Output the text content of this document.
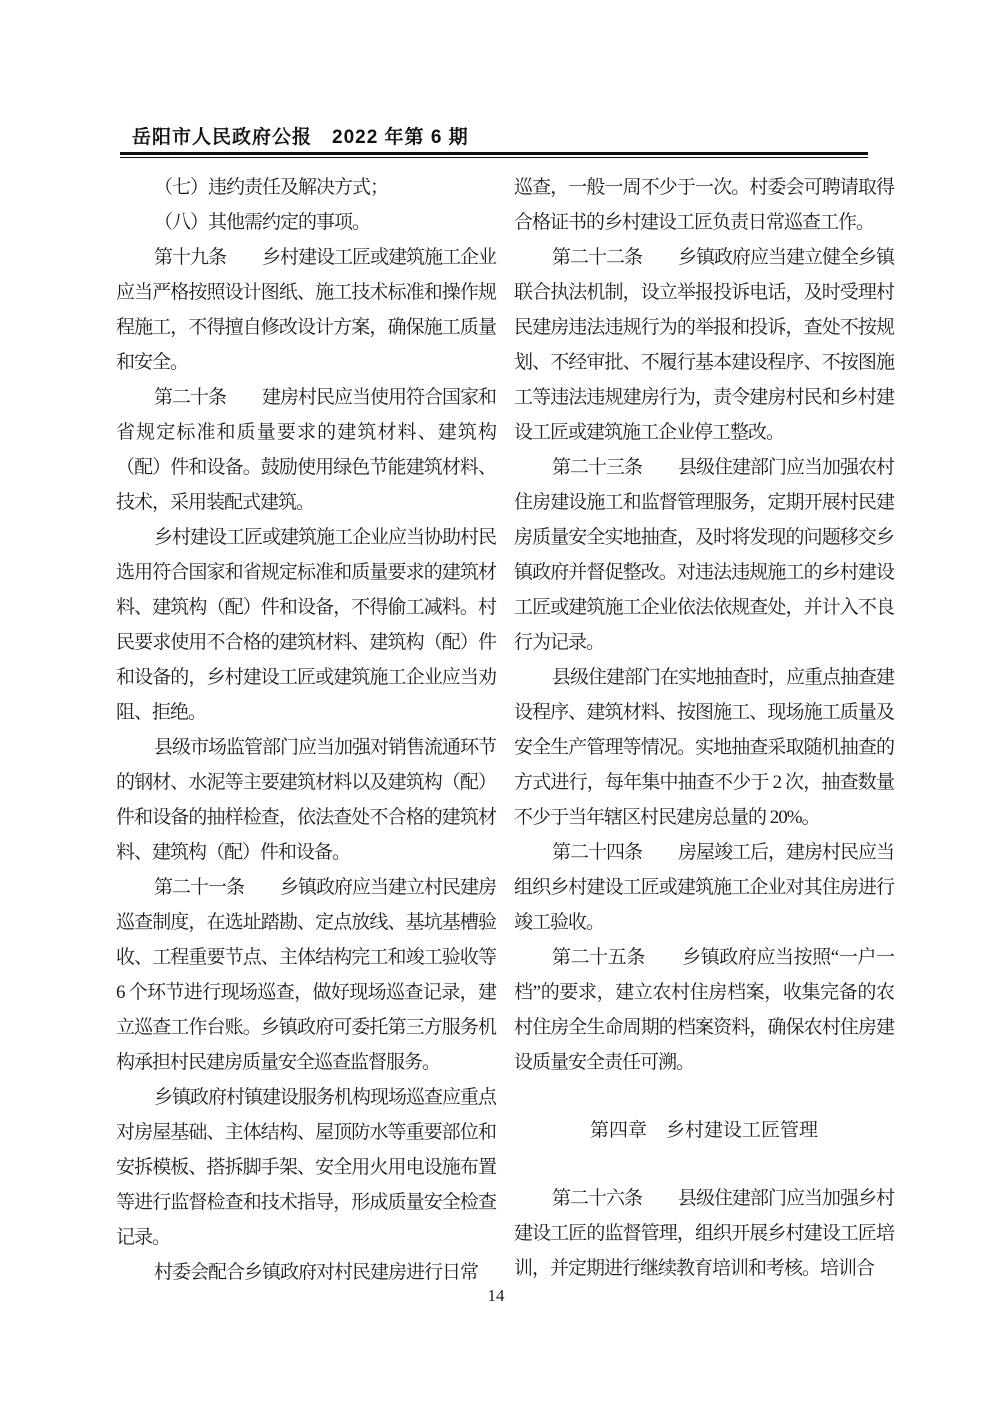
岳阳市人民政府公报　2022 年第 6 期

（七）违约责任及解决方式；

（八）其他需约定的事项。

第十九条　　乡村建设工匠或建筑施工企业应当严格按照设计图纸、施工技术标准和操作规程施工，不得擅自修改设计方案，确保施工质量和安全。

第二十条　　建房村民应当使用符合国家和省规定标准和质量要求的建筑材料、建筑构（配）件和设备。鼓励使用绿色节能建筑材料、技术，采用装配式建筑。

乡村建设工匠或建筑施工企业应当协助村民选用符合国家和省规定标准和质量要求的建筑材料、建筑构（配）件和设备，不得偷工减料。村民要求使用不合格的建筑材料、建筑构（配）件和设备的，乡村建设工匠或建筑施工企业应当劝阻、拒绝。

县级市场监管部门应当加强对销售流通环节的钢材、水泥等主要建筑材料以及建筑构（配）件和设备的抽样检查，依法查处不合格的建筑材料、建筑构（配）件和设备。

第二十一条　　乡镇政府应当建立村民建房巡查制度，在选址踏勘、定点放线、基坑基槽验收、工程重要节点、主体结构完工和竣工验收等 6 个环节进行现场巡查，做好现场巡查记录，建立巡查工作台账。乡镇政府可委托第三方服务机构承担村民建房质量安全巡查监督服务。

乡镇政府村镇建设服务机构现场巡查应重点对房屋基础、主体结构、屋顶防水等重要部位和安拆模板、搭拆脚手架、安全用火用电设施布置等进行监督检查和技术指导，形成质量安全检查记录。

村委会配合乡镇政府对村民建房进行日常

巡查，一般一周不少于一次。村委会可聘请取得合格证书的乡村建设工匠负责日常巡查工作。

第二十二条　　乡镇政府应当建立健全乡镇联合执法机制，设立举报投诉电话，及时受理村民建房违法违规行为的举报和投诉，查处不按规划、不经审批、不履行基本建设程序、不按图施工等违法违规建房行为，责令建房村民和乡村建设工匠或建筑施工企业停工整改。

第二十三条　　县级住建部门应当加强农村住房建设施工和监督管理服务，定期开展村民建房质量安全实地抽查，及时将发现的问题移交乡镇政府并督促整改。对违法违规施工的乡村建设工匠或建筑施工企业依法依规查处，并计入不良行为记录。

县级住建部门在实地抽查时，应重点抽查建设程序、建筑材料、按图施工、现场施工质量及安全生产管理等情况。实地抽查采取随机抽查的方式进行，每年集中抽查不少于 2 次，抽查数量不少于当年辖区村民建房总量的 20%。

第二十四条　　房屋竣工后，建房村民应当组织乡村建设工匠或建筑施工企业对其住房进行竣工验收。

第二十五条　　乡镇政府应当按照“一户一档”的要求，建立农村住房档案，收集完备的农村住房全生命周期的档案资料，确保农村住房建设质量安全责任可溯。

第四章　乡村建设工匠管理

第二十六条　　县级住建部门应当加强乡村建设工匠的监督管理，组织开展乡村建设工匠培训，并定期进行继续教育培训和考核。培训合

14
